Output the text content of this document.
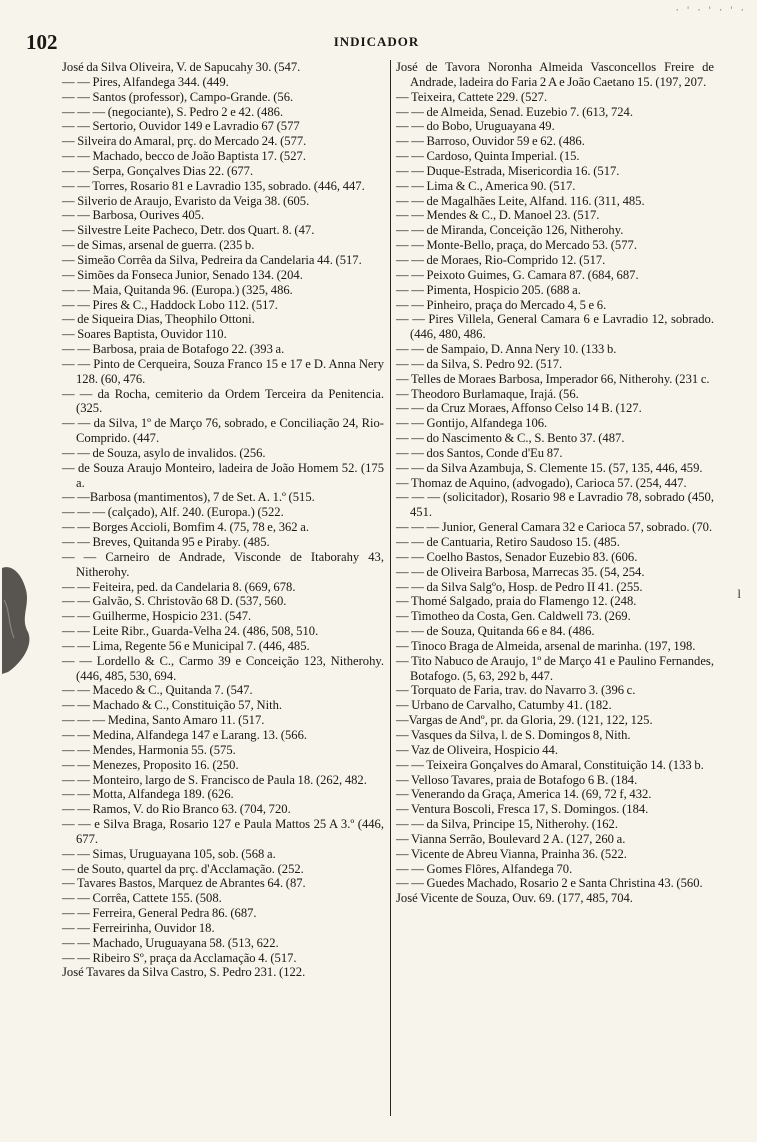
102	INDICADOR
· ' · ' · ' ·
l
José da Silva Oliveira, V. de Sapucahy 30. (547.
— — Pires, Alfandega 344. (449.
— — Santos (professor), Campo-Grande. (56.
— — — (negociante), S. Pedro 2 e 42. (486.
— — Sertorio, Ouvidor 149 e Lavradio 67 (577
— Silveira do Amaral, prç. do Mercado 24. (577.
— — Machado, becco de João Baptista 17. (527.
— — Serpa, Gonçalves Dias 22. (677.
— — Torres, Rosario 81 e Lavradio 135, sobrado. (446, 447.
— Silverio de Araujo, Evaristo da Veiga 38. (605.
— — Barbosa, Ourives 405.
— Silvestre Leite Pacheco, Detr. dos Quart. 8. (47.
— de Simas, arsenal de guerra. (235 b.
— Simeão Corrêa da Silva, Pedreira da Candelaria 44. (517.
— Simões da Fonseca Junior, Senado 134. (204.
— — Maia, Quitanda 96. (Europa.) (325, 486.
— — Pires & C., Haddock Lobo 112. (517.
— de Siqueira Dias, Theophilo Ottoni.
— Soares Baptista, Ouvidor 110.
— — Barbosa, praia de Botafogo 22. (393 a.
— — Pinto de Cerqueira, Souza Franco 15 e 17 e D. Anna Nery 128. (60, 476.
— — da Rocha, cemiterio da Ordem Terceira da Penitencia. (325.
— — da Silva, 1º de Março 76, sobrado, e Conciliação 24, Rio-Comprido. (447.
— — de Souza, asylo de invalidos. (256.
— de Souza Araujo Monteiro, ladeira de João Homem 52. (175 a.
— —Barbosa (mantimentos), 7 de Set. A. 1.º (515.
— — — (calçado), Alf. 240. (Europa.) (522.
— — Borges Accioli, Bomfim 4. (75, 78 e, 362 a.
— — Breves, Quitanda 95 e Piraby. (485.
— — Carneiro de Andrade, Visconde de Itaborahy 43, Nitherohy.
— — Feiteira, ped. da Candelaria 8. (669, 678.
— — Galvão, S. Christovão 68 D. (537, 560.
— — Guilherme, Hospicio 231. (547.
— — Leite Ribr., Guarda-Velha 24. (486, 508, 510.
— — Lima, Regente 56 e Municipal 7. (446, 485.
— — Lordello & C., Carmo 39 e Conceição 123, Nitherohy. (446, 485, 530, 694.
— — Macedo & C., Quitanda 7. (547.
— — Machado & C., Constituição 57, Nith.
— — — Medina, Santo Amaro 11. (517.
— — Medina, Alfandega 147 e Larang. 13. (566.
— — Mendes, Harmonia 55. (575.
— — Menezes, Proposito 16. (250.
— — Monteiro, largo de S. Francisco de Paula 18. (262, 482.
— — Motta, Alfandega 189. (626.
— — Ramos, V. do Rio Branco 63. (704, 720.
— — e Silva Braga, Rosario 127 e Paula Mattos 25 A 3.º (446, 677.
— — Simas, Uruguayana 105, sob. (568 a.
— de Souto, quartel da prç. d'Acclamação. (252.
— Tavares Bastos, Marquez de Abrantes 64. (87.
— — Corrêa, Cattete 155. (508.
— — Ferreira, General Pedra 86. (687.
— — Ferreirinha, Ouvidor 18.
— — Machado, Uruguayana 58. (513, 622.
— — Ribeiro Sº, praça da Acclamação 4. (517.
José Tavares da Silva Castro, S. Pedro 231. (122.
José de Tavora Noronha Almeida Vasconcellos Freire de Andrade, ladeira do Faria 2 A e João Caetano 15. (197, 207.
— Teixeira, Cattete 229. (527.
— — de Almeida, Senad. Euzebio 7. (613, 724.
— — do Bobo, Uruguayana 49.
— — Barroso, Ouvidor 59 e 62. (486.
— — Cardoso, Quinta Imperial. (15.
— — Duque-Estrada, Misericordia 16. (517.
— — Lima & C., America 90. (517.
— — de Magalhães Leite, Alfand. 116. (311, 485.
— — Mendes & C., D. Manoel 23. (517.
— — de Miranda, Conceição 126, Nitherohy.
— — Monte-Bello, praça, do Mercado 53. (577.
— — de Moraes, Rio-Comprido 12. (517.
— — Peixoto Guimes, G. Camara 87. (684, 687.
— — Pimenta, Hospicio 205. (688 a.
— — Pinheiro, praça do Mercado 4, 5 e 6.
— — Pires Villela, General Camara 6 e Lavradio 12, sobrado. (446, 480, 486.
— — de Sampaio, D. Anna Nery 10. (133 b.
— — da Silva, S. Pedro 92. (517.
— Telles de Moraes Barbosa, Imperador 66, Nitherohy. (231 c.
— Theodoro Burlamaque, Irajá. (56.
— — da Cruz Moraes, Affonso Celso 14 B. (127.
— — Gontijo, Alfandega 106.
— — do Nascimento & C., S. Bento 37. (487.
— — dos Santos, Conde d'Eu 87.
— — da Silva Azambuja, S. Clemente 15. (57, 135, 446, 459.
— Thomaz de Aquino, (advogado), Carioca 57. (254, 447.
— — — (solicitador), Rosario 98 e Lavradio 78, sobrado (450, 451.
— — — Junior, General Camara 32 e Carioca 57, sobrado. (70.
— — de Cantuaria, Retiro Saudoso 15. (485.
— — Coelho Bastos, Senador Euzebio 83. (606.
— — de Oliveira Barbosa, Marrecas 35. (54, 254.
— — da Silva Salgºo, Hosp. de Pedro II 41. (255.
— Thomé Salgado, praia do Flamengo 12. (248.
— Timotheo da Costa, Gen. Caldwell 73. (269.
— — de Souza, Quitanda 66 e 84. (486.
— Tinoco Braga de Almeida, arsenal de marinha. (197, 198.
— Tito Nabuco de Araujo, 1º de Março 41 e Paulino Fernandes, Botafogo. (5, 63, 292 b, 447.
— Torquato de Faria, trav. do Navarro 3. (396 c.
— Urbano de Carvalho, Catumby 41. (182.
—Vargas de Andº, pr. da Gloria, 29. (121, 122, 125.
— Vasques da Silva, l. de S. Domingos 8, Nith.
— Vaz de Oliveira, Hospicio 44.
— — Teixeira Gonçalves do Amaral, Constituição 14. (133 b.
— Velloso Tavares, praia de Botafogo 6 B. (184.
— Venerando da Graça, America 14. (69, 72 f, 432.
— Ventura Boscoli, Fresca 17, S. Domingos. (184.
— — da Silva, Principe 15, Nitherohy. (162.
— Vianna Serrão, Boulevard 2 A. (127, 260 a.
— Vicente de Abreu Vianna, Prainha 36. (522.
— — Gomes Flôres, Alfandega 70.
— — Guedes Machado, Rosario 2 e Santa Christina 43. (560.
José Vicente de Souza, Ouv. 69. (177, 485, 704.
